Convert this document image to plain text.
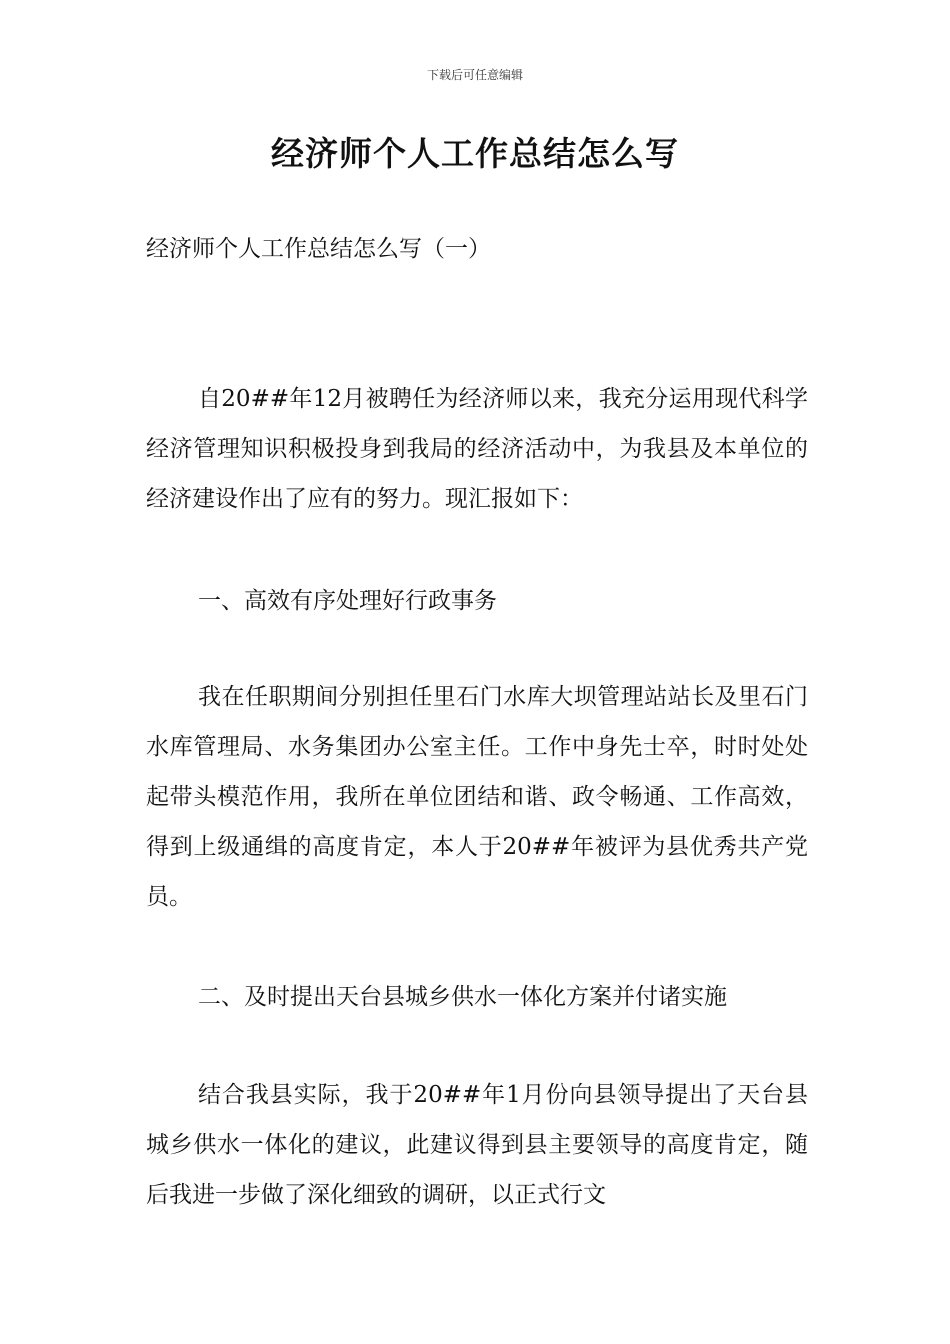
下载后可任意编辑
经济师个人工作总结怎么写
经济师个人工作总结怎么写（一）
自20##年12月被聘任为经济师以来，我充分运用现代科学经济管理知识积极投身到我局的经济活动中，为我县及本单位的经济建设作出了应有的努力。现汇报如下：
一、高效有序处理好行政事务
我在任职期间分别担任里石门水库大坝管理站站长及里石门水库管理局、水务集团办公室主任。工作中身先士卒，时时处处起带头模范作用，我所在单位团结和谐、政令畅通、工作高效，得到上级通缉的高度肯定，本人于20##年被评为县优秀共产党员。
二、及时提出天台县城乡供水一体化方案并付诸实施
结合我县实际，我于20##年1月份向县领导提出了天台县城乡供水一体化的建议，此建议得到县主要领导的高度肯定，随后我进一步做了深化细致的调研，以正式行文
